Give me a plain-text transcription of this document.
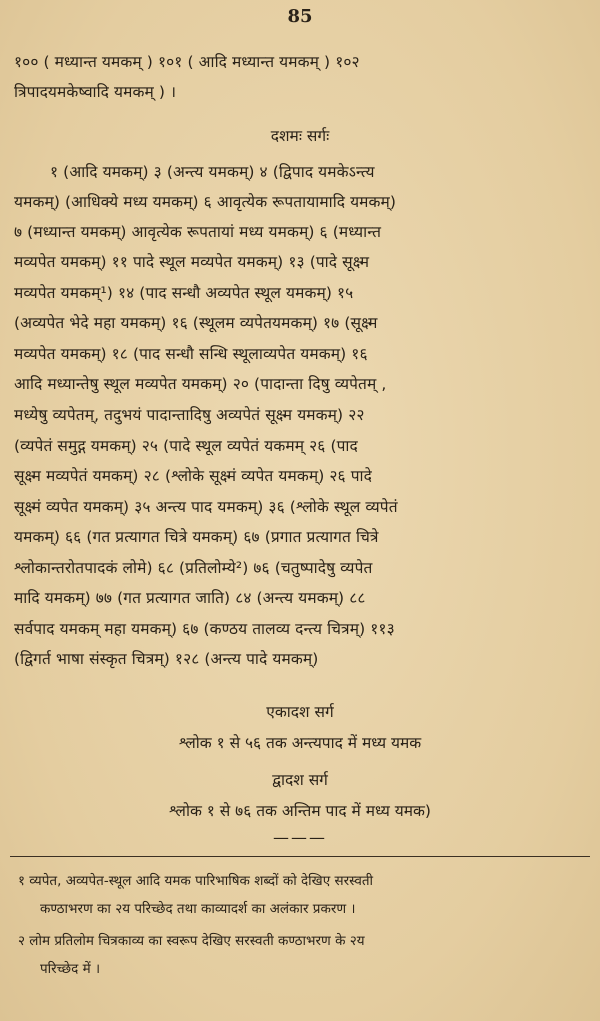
85
१०० ( मध्यान्त यमकम् ) १०१ ( आदि मध्यान्त यमकम् ) १०२
त्रिपादयमकेष्वादि यमकम् ) ।
दशमः सर्गः
१ (आदि यमकम्) ३ (अन्त्य यमकम्) ४ (द्विपाद यमकेऽन्त्य
यमकम्) (आधिक्ये मध्य यमकम्) ६ आवृत्येक रूपतायामादि यमकम्)
७ (मध्यान्त यमकम्) आवृत्येक रूपतायां मध्य यमकम्) ६ (मध्यान्त
मव्यपेत यमकम्) ११ पादे स्थूल मव्यपेत यमकम्) १३ (पादे सूक्ष्म
मव्यपेत यमकम्¹) १४ (पाद सन्धौ अव्यपेत स्थूल यमकम्) १५
(अव्यपेत भेदे महा यमकम्) १६ (स्थूलम व्यपेतयमकम्) १७ (सूक्ष्म
मव्यपेत यमकम्) १८ (पाद सन्धौ सन्धि स्थूलाव्यपेत यमकम्) १६
आदि मध्यान्तेषु स्थूल मव्यपेत यमकम्) २० (पादान्ता दिषु व्यपेतम् ,
मध्येषु व्यपेतम्, तदुभयं पादान्तादिषु अव्यपेतं सूक्ष्म यमकम्) २२
(व्यपेतं समुद्ग यमकम्) २५ (पादे स्थूल व्यपेतं यकमम् २६ (पाद
सूक्ष्म मव्यपेतं यमकम्) २८ (श्लोके सूक्ष्मं व्यपेत यमकम्) २६ पादे
सूक्ष्मं व्यपेत यमकम्) ३५ अन्त्य पाद यमकम्) ३६ (श्लोके स्थूल व्यपेतं
यमकम्) ६६ (गत प्रत्यागत चित्रे यमकम्) ६७ (प्रगात प्रत्यागत चित्रे
श्लोकान्तरोतपादकं लोमे) ६८ (प्रतिलोम्ये²) ७६ (चतुष्पादेषु व्यपेत
मादि यमकम्) ७७ (गत प्रत्यागत जाति) ८४ (अन्त्य यमकम्) ८८
सर्वपाद यमकम् महा यमकम्) ६७ (कण्ठय तालव्य दन्त्य चित्रम्) ११३
(द्विगर्त भाषा संस्कृत चित्रम्) १२८ (अन्त्य पादे यमकम्)
एकादश सर्ग
श्लोक १ से ५६ तक अन्त्यपाद में मध्य यमक
द्वादश सर्ग
श्लोक १ से ७६ तक अन्तिम पाद में मध्य यमक)
———
१ व्यपेत, अव्यपेत-स्थूल आदि यमक पारिभाषिक शब्दों को देखिए सरस्वती
कण्ठाभरण का २य परिच्छेद तथा काव्यादर्श का अलंकार प्रकरण ।
२ लोम प्रतिलोम चित्रकाव्य का स्वरूप देखिए सरस्वती कण्ठाभरण के २य
परिच्छेद में ।
